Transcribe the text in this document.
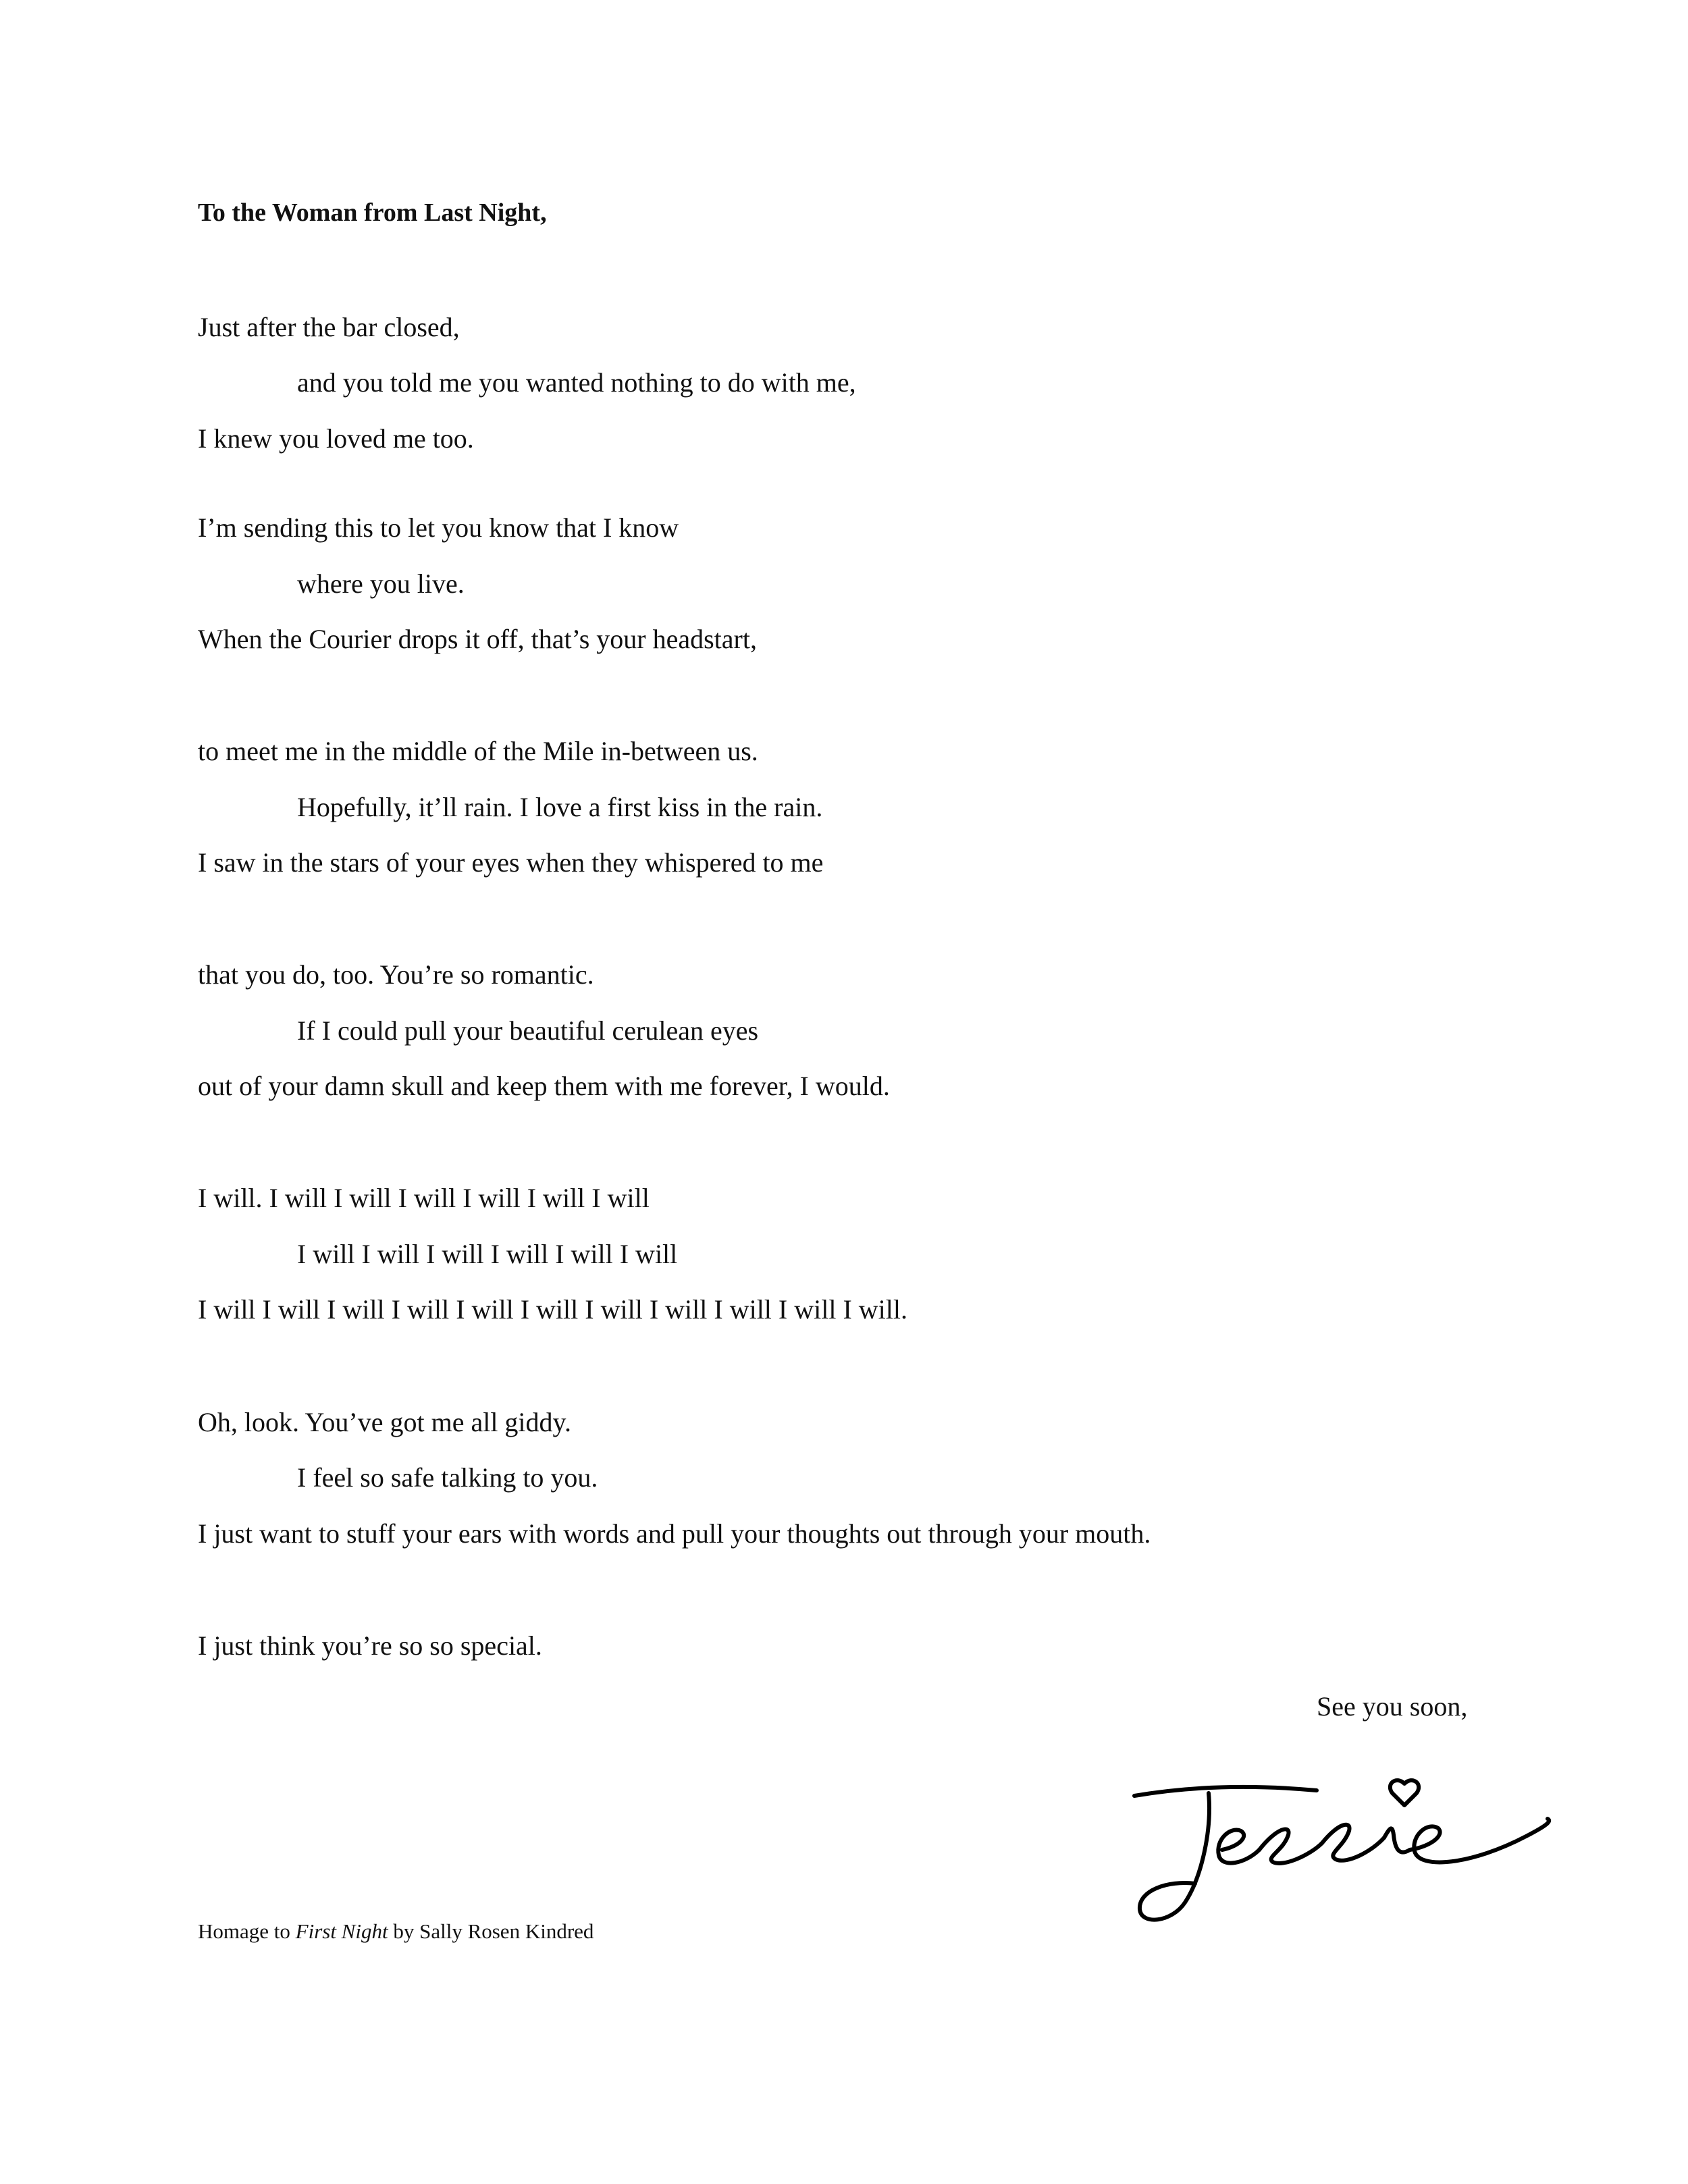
To the Woman from Last Night,
Just after the bar closed,
and you told me you wanted nothing to do with me,
I knew you loved me too.
I’m sending this to let you know that I know
where you live.
When the Courier drops it off, that’s your headstart,
to meet me in the middle of the Mile in-between us.
Hopefully, it’ll rain. I love a first kiss in the rain.
I saw in the stars of your eyes when they whispered to me
that you do, too. You’re so romantic.
If I could pull your beautiful cerulean eyes
out of your damn skull and keep them with me forever, I would.
I will. I will I will I will I will I will I will
I will I will I will I will I will I will
I will I will I will I will I will I will I will I will I will I will I will.
Oh, look. You’ve got me all giddy.
I feel so safe talking to you.
I just want to stuff your ears with words and pull your thoughts out through your mouth.
I just think you’re so so special.
See you soon,
Homage to First Night by Sally Rosen Kindred
